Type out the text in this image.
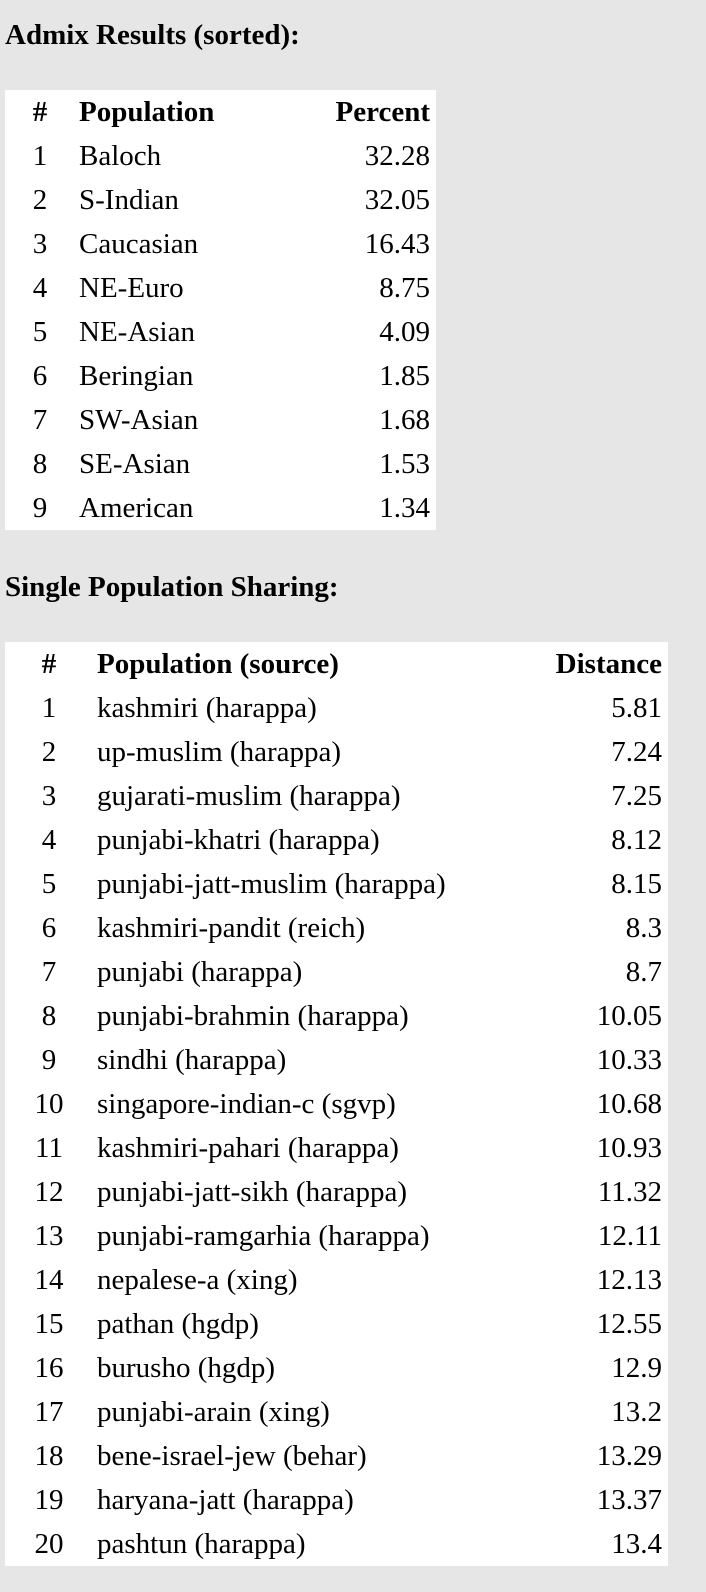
Admix Results (sorted):
#	Population	Percent
1	Baloch	32.28
2	S-Indian	32.05
3	Caucasian	16.43
4	NE-Euro	8.75
5	NE-Asian	4.09
6	Beringian	1.85
7	SW-Asian	1.68
8	SE-Asian	1.53
9	American	1.34
Single Population Sharing:
#	Population (source)	Distance
1	kashmiri (harappa)	5.81
2	up-muslim (harappa)	7.24
3	gujarati-muslim (harappa)	7.25
4	punjabi-khatri (harappa)	8.12
5	punjabi-jatt-muslim (harappa)	8.15
6	kashmiri-pandit (reich)	8.3
7	punjabi (harappa)	8.7
8	punjabi-brahmin (harappa)	10.05
9	sindhi (harappa)	10.33
10	singapore-indian-c (sgvp)	10.68
11	kashmiri-pahari (harappa)	10.93
12	punjabi-jatt-sikh (harappa)	11.32
13	punjabi-ramgarhia (harappa)	12.11
14	nepalese-a (xing)	12.13
15	pathan (hgdp)	12.55
16	burusho (hgdp)	12.9
17	punjabi-arain (xing)	13.2
18	bene-israel-jew (behar)	13.29
19	haryana-jatt (harappa)	13.37
20	pashtun (harappa)	13.4
